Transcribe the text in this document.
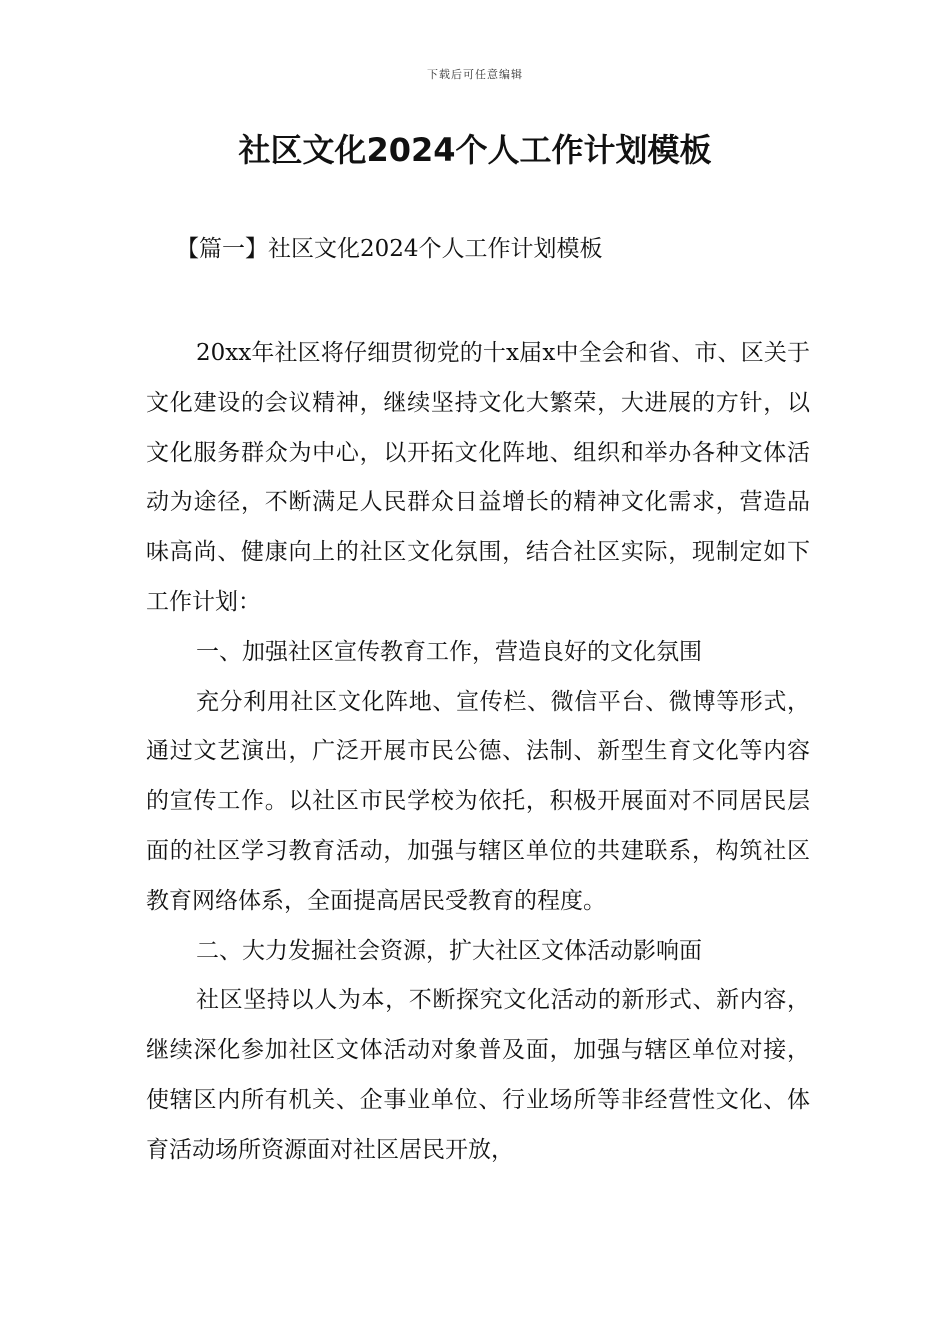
下载后可任意编辑
社区文化2024个人工作计划模板
【篇一】社区文化2024个人工作计划模板

20xx年社区将仔细贯彻党的十x届x中全会和省、市、区关于文化建设的会议精神，继续坚持文化大繁荣，大进展的方针，以文化服务群众为中心，以开拓文化阵地、组织和举办各种文体活动为途径，不断满足人民群众日益增长的精神文化需求，营造品味高尚、健康向上的社区文化氛围，结合社区实际，现制定如下工作计划：

一、加强社区宣传教育工作，营造良好的文化氛围

充分利用社区文化阵地、宣传栏、微信平台、微博等形式，通过文艺演出，广泛开展市民公德、法制、新型生育文化等内容的宣传工作。以社区市民学校为依托，积极开展面对不同居民层面的社区学习教育活动，加强与辖区单位的共建联系，构筑社区教育网络体系，全面提高居民受教育的程度。

二、大力发掘社会资源，扩大社区文体活动影响面

社区坚持以人为本，不断探究文化活动的新形式、新内容，继续深化参加社区文体活动对象普及面，加强与辖区单位对接，使辖区内所有机关、企事业单位、行业场所等非经营性文化、体育活动场所资源面对社区居民开放，
